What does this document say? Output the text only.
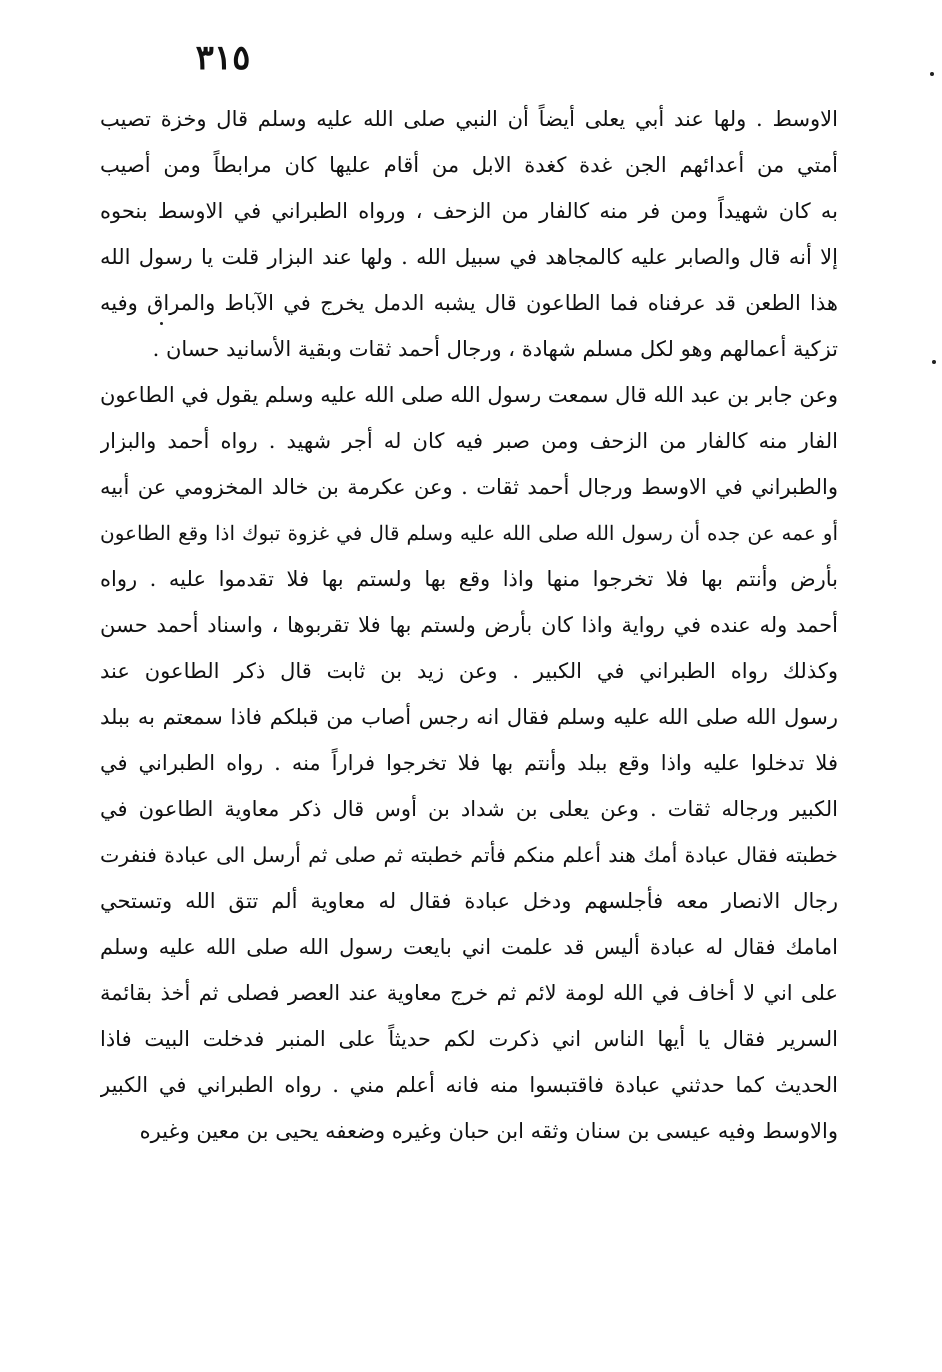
٣١٥
الاوسط . ولها عند أبي يعلى أيضاً أن النبي صلى الله عليه وسلم قال وخزة تصيب
أمتي من أعدائهم الجن غدة كغدة الابل من أقام عليها كان مرابطاً ومن أصيب
به كان شهيداً ومن فر منه كالفار من الزحف ، ورواه الطبراني في الاوسط بنحوه
إلا أنه قال والصابر عليه كالمجاهد في سبيل الله . ولها عند البزار قلت يا رسول الله
هذا الطعن قد عرفناه فما الطاعون قال يشبه الدمل يخرج في الآباط والمراق وفيه
تزكية أعمالهم وهو لكل مسلم شهادة ، ورجال أحمد ثقات وبقية الأسانيد حسان .
وعن جابر بن عبد الله قال سمعت رسول الله صلى الله عليه وسلم يقول في الطاعون
الفار منه كالفار من الزحف ومن صبر فيه كان له أجر شهيد . رواه أحمد والبزار
والطبراني في الاوسط ورجال أحمد ثقات . وعن عكرمة بن خالد المخزومي عن أبيه
أو عمه عن جده أن رسول الله صلى الله عليه وسلم قال في غزوة تبوك اذا وقع الطاعون
بأرض وأنتم بها فلا تخرجوا منها واذا وقع بها ولستم بها فلا تقدموا عليه . رواه
أحمد وله عنده في رواية واذا كان بأرض ولستم بها فلا تقربوها ، واسناد أحمد حسن
وكذلك رواه الطبراني في الكبير . وعن زيد بن ثابت قال ذكر الطاعون عند
رسول الله صلى الله عليه وسلم فقال انه رجس أصاب من قبلكم فاذا سمعتم به ببلد
فلا تدخلوا عليه واذا وقع ببلد وأنتم بها فلا تخرجوا فراراً منه . رواه الطبراني في
الكبير ورجاله ثقات . وعن يعلى بن شداد بن أوس قال ذكر معاوية الطاعون في
خطبته فقال عبادة أمك هند أعلم منكم فأتم خطبته ثم صلى ثم أرسل الى عبادة فنفرت
رجال الانصار معه فأجلسهم ودخل عبادة فقال له معاوية ألم تتق الله وتستحي
امامك فقال له عبادة أليس قد علمت اني بايعت رسول الله صلى الله عليه وسلم
على اني لا أخاف في الله لومة لائم ثم خرج معاوية عند العصر فصلى ثم أخذ بقائمة
السرير فقال يا أيها الناس اني ذكرت لكم حديثاً على المنبر فدخلت البيت فاذا
الحديث كما حدثني عبادة فاقتبسوا منه فانه أعلم مني . رواه الطبراني في الكبير
والاوسط وفيه عيسى بن سنان وثقه ابن حبان وغيره وضعفه يحيى بن معين وغيره
